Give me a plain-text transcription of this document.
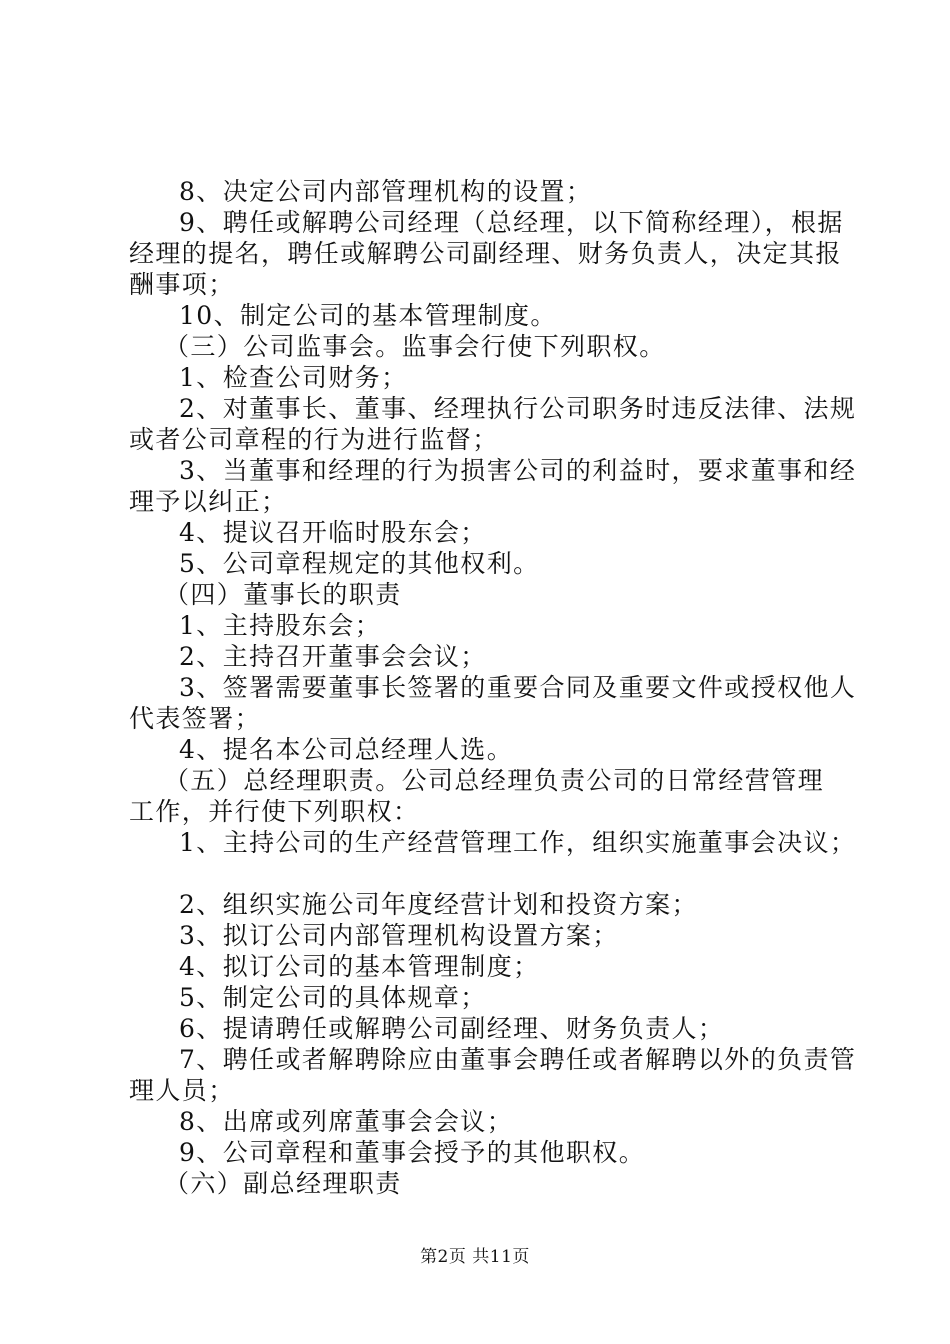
8、决定公司内部管理机构的设置；
9、聘任或解聘公司经理（总经理，以下简称经理），根据
经理的提名，聘任或解聘公司副经理、财务负责人，决定其报
酬事项；
10、制定公司的基本管理制度。
（三）公司监事会。监事会行使下列职权。
1、检查公司财务；
2、对董事长、董事、经理执行公司职务时违反法律、法规
或者公司章程的行为进行监督；
3、当董事和经理的行为损害公司的利益时，要求董事和经
理予以纠正；
4、提议召开临时股东会；
5、公司章程规定的其他权利。
（四）董事长的职责
1、主持股东会；
2、主持召开董事会会议；
3、签署需要董事长签署的重要合同及重要文件或授权他人
代表签署；
4、提名本公司总经理人选。
（五）总经理职责。公司总经理负责公司的日常经营管理
工作，并行使下列职权：
1、主持公司的生产经营管理工作，组织实施董事会决议；
2、组织实施公司年度经营计划和投资方案；
3、拟订公司内部管理机构设置方案；
4、拟订公司的基本管理制度；
5、制定公司的具体规章；
6、提请聘任或解聘公司副经理、财务负责人；
7、聘任或者解聘除应由董事会聘任或者解聘以外的负责管
理人员；
8、出席或列席董事会会议；
9、公司章程和董事会授予的其他职权。
（六）副总经理职责
第2页 共11页
